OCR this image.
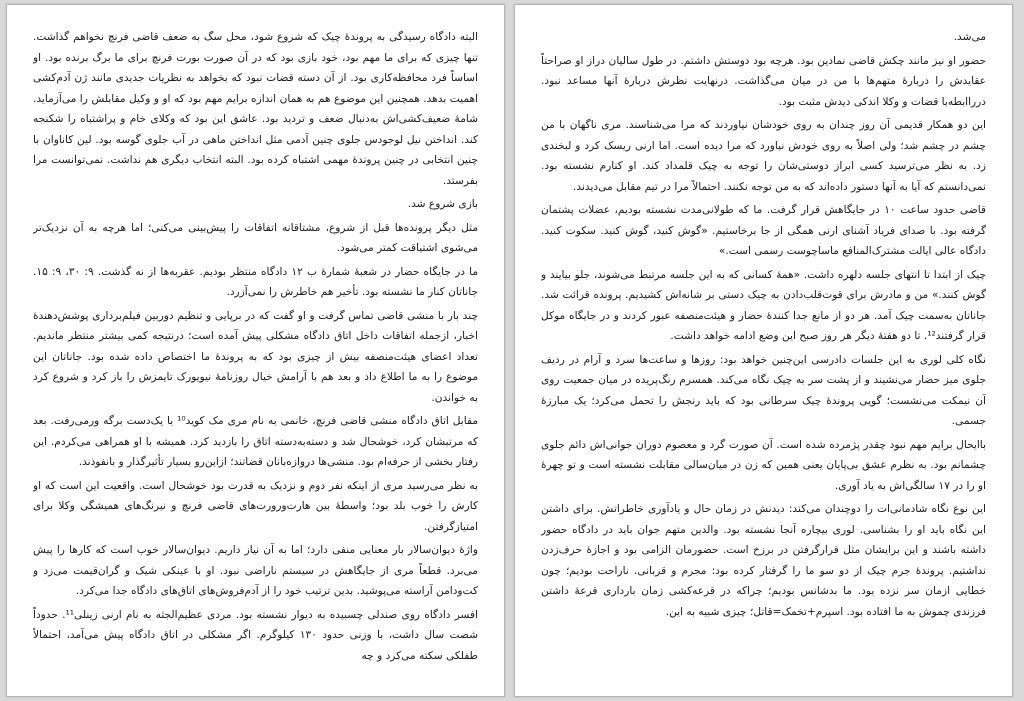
البته دادگاه رسیدگی به پروندهٔ چیک که شروع شود، محل سگ به ضعف قاضی فرنچ نخواهم گذاشت. تنها چیزی که برای ما مهم بود، خود بازی بود که در آن صورت بورت فرنچ برای ما برگ برنده بود. او اساساً فرد محافظه‌کاری بود. از آن دسته قضات نبود که بخواهد به نظریات جدیدی مانند ژن آدم‌کشی اهمیت بدهد. همچنین این موضوع هم به همان اندازه برایم مهم بود که او و وکیل مقابلش را می‌آزماید. شامهٔ ضعیف‌کشی‌اش به‌دنبال ضعف و تردید بود. عاشق این بود که وکلای خام و پراشتباه را شکنجه کند. انداختن نیل لوجودس جلوی چنین آدمی مثل انداختن ماهی در آب جلوی گوسه بود. لین کاناوان با چنین انتخابی در چنین پروندهٔ مهمی اشتباه کرده بود. البته انتخاب دیگری هم نداشت. نمی‌توانست مرا بفرستد.

بازی شروع شد.

مثل دیگر پرونده‌ها قبل از شروع، مشتاقانه اتفاقات را پیش‌بینی می‌کنی؛ اما هرچه به آن نزدیک‌تر می‌شوی اشتیاقت کمتر می‌شود.

ما در جایگاه حضار در شعبهٔ شمارهٔ ب ۱۲ دادگاه منتظر بودیم. عقربه‌ها از نه گذشت. ۹: ۳۰، ۹: ۱۵. جاناتان کنار ما نشسته بود. تأخیر هم خاطرش را نمی‌آزرد.

چند بار با منشی قاضی تماس گرفت و او گفت که در برپایی و تنظیم دوربین فیلم‌برداری پوشش‌دهندهٔ اخبار، ازجمله اتفاقات داخل اتاق دادگاه مشکلی پیش آمده است؛ درنتیجه کمی بیشتر منتظر ماندیم. تعداد اعضای هیئت‌منصفه بیش از چیزی بود که به پروندهٔ ما اختصاص داده شده بود. جاناتان این موضوع را به ما اطلاع داد و بعد هم با آرامش خیال روزنامهٔ نیویورک تایمزش را باز کرد و شروع کرد به خواندن.

مقابل اتاق دادگاه منشی قاضی فرنچ، خانمی به نام مری مک کوید¹⁰ با یک‌دست برگه ورمی‌رفت. بعد که مرتبشان کرد، خوشحال شد و دسته‌به‌دسته اتاق را بازدید کرد. همیشه با او همراهی می‌کردم. این رفتار بخشی از حرفه‌ام بود. منشی‌ها دروازه‌بانان قضاتند؛ ازاین‌رو بسیار تأثیرگذار و بانفوذند.

به نظر می‌رسید مری از اینکه نفر دوم و نزدیک به قدرت بود خوشحال است. واقعیت این است که او کارش را خوب بلد بود؛ واسطهٔ بین هارت‌ورورت‌های قاضی فرنچ و نیرنگ‌های همیشگی وکلا برای امتیازگرفتن.

واژهٔ دیوان‌سالار بار معنایی منفی دارد؛ اما به آن نیاز داریم. دیوان‌سالار خوب است که کارها را پیش می‌برد. قطعاً مری از جایگاهش در سیستم ناراضی نبود. او با عینکی شیک و گران‌قیمت می‌زد و کت‌ودامن آراسته می‌پوشید. بدین ترتیب خود را از آدم‌فروش‌های اتاق‌های دادگاه جدا می‌کرد.

افسر دادگاه روی صندلی چسبیده به دیوار نشسته بود. مردی عظیم‌الجثه به نام ارنی زینلی¹¹. حدوداً شصت سال داشت، با وزنی حدود ۱۳۰ کیلوگرم. اگر مشکلی در اتاق دادگاه پیش می‌آمد، احتمالاً طفلکی سکته می‌کرد و چه

می‌شد.

حضور او نیز مانند چکش قاضی نمادین بود. هرچه بود دوستش داشتم. در طول سالیان دراز او صراحتاً عقایدش را دربارهٔ متهم‌ها با من در میان می‌گذاشت. درنهایت نظرش دربارهٔ آنها مساعد نبود. درراابطه‌با قضات و وکلا اندکی دیدش مثبت بود.

این دو همکار قدیمی آن روز چندان به روی خودشان نیاوردند که مرا می‌شناسند. مری ناگهان با من چشم در چشم شد؛ ولی اصلاً به روی خودش نیاورد که مرا دیده است. اما ارنی ریسک کرد و لبخندی زد. به نظر می‌ترسید کسی ابراز دوستی‌شان را توجه به چیک قلمداد کند. او کنارم نشسته بود. نمی‌دانستم که آیا به آنها دستور داده‌اند که به من توجه نکنند. احتمالاً مرا در تیم مقابل می‌دیدند.

قاضی حدود ساعت ۱۰ در جایگاهش قرار گرفت. ما که طولانی‌مدت نشسته بودیم، عضلات پشتمان گرفته بود. با صدای فریاد آشنای ارنی همگی از جا برخاستیم. «گوش کنید، گوش کنید. سکوت کنید. دادگاه عالی ایالت مشترک‌المنافع ماساچوست رسمی است.»

چیک از ابتدا تا انتهای جلسه دلهره داشت. «همهٔ کسانی که به این جلسه مرتبط می‌شوند، جلو بیایند و گوش کنند.» من و مادرش برای قوت‌قلب‌دادن به چیک دستی بر شانه‌اش کشیدیم. پرونده قرائت شد. جاناتان به‌سمت چیک آمد. هر دو از مانع جدا کنندهٔ حضار و هیئت‌منصفه عبور کردند و در جایگاه موکل قرار گرفتند¹². تا دو هفتهٔ دیگر هر روز صبح این وضع ادامه خواهد داشت.

نگاه کلی لوری به این جلسات دادرسی این‌چنین خواهد بود: روزها و ساعت‌ها سرد و آرام در ردیف جلوی میز حضار می‌نشیند و از پشت سر به چیک نگاه می‌کند. همسرم رنگ‌پریده در میان جمعیت روی آن نیمکت می‌نشست؛ گویی پروندهٔ چیک سرطانی بود که باید رنجش را تحمل می‌کرد؛ یک مبارزهٔ جسمی.

باایحال برایم مهم نبود چقدر پژمرده شده است. آن صورت گرد و معصوم دوران جوانی‌اش دائم جلوی چشمانم بود. به نظرم عشق بی‌پایان یعنی همین که زن در میان‌سالی مقابلت نشسته است و تو چهرهٔ او را در ۱۷ سالگی‌اش به یاد آوری.

این نوع نگاه شادمانی‌ات را دوچندان می‌کند: دیدنش در زمان حال و یادآوری خاطراتش. برای داشتن این نگاه باید او را بشناسی. لوری بیچاره آنجا نشسته بود. والدین متهم جوان باید در دادگاه حضور داشته باشند و این برایشان مثل قرارگرفتن در برزخ است. حضورمان الزامی بود و اجازهٔ حرف‌زدن نداشتیم. پروندهٔ جرم چیک از دو سو ما را گرفتار کرده بود: مجرم و قربانی. ناراحت بودیم؛ چون خطایی ازمان سر نزده بود. ما بدشانس بودیم؛ چراکه در قرعه‌کشی زمان بارداری قرعهٔ داشتن فرزندی چموش به ما افتاده بود. اسپرم+تخمک=قاتل؛ چیزی شبیه به این.
